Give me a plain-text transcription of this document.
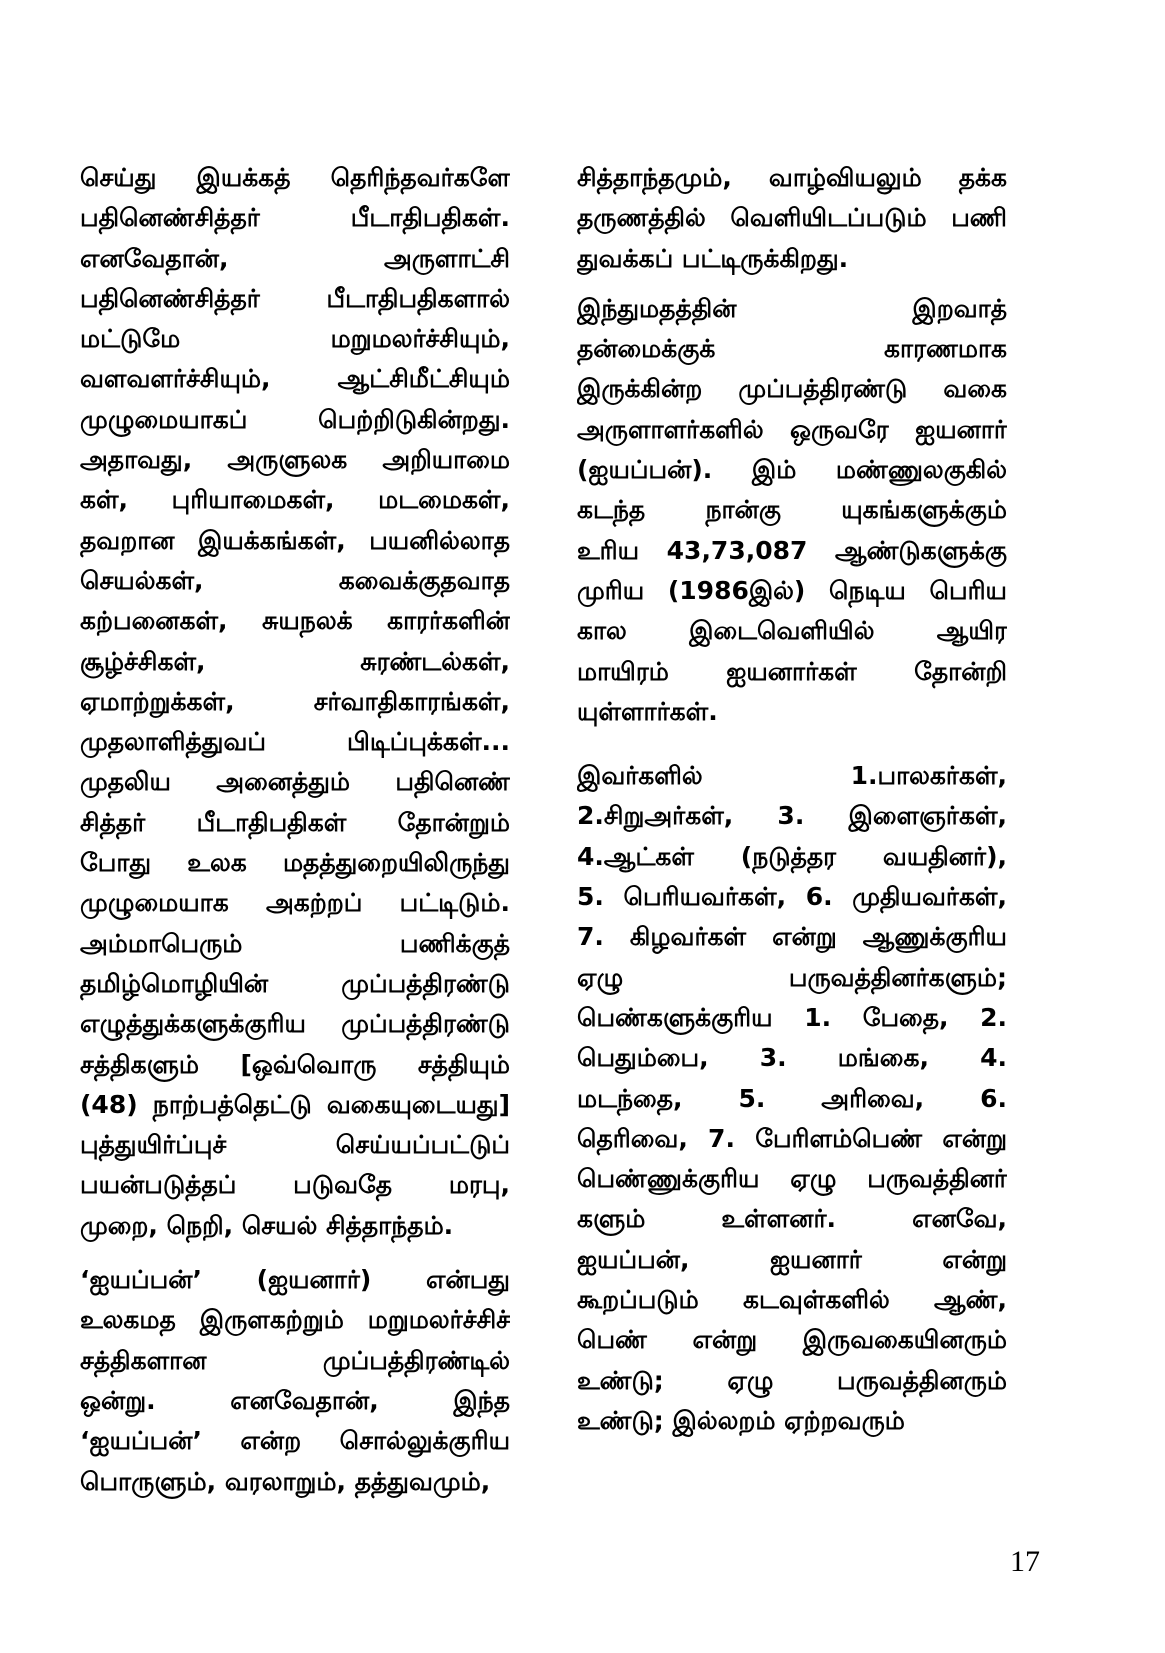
செய்து இயக்கத் தெரிந்தவர்களே
பதினெண்சித்தர் பீடாதிபதிகள்.
எனவேதான், அருளாட்சி
பதினெண்சித்தர் பீடாதிபதிகளால்
மட்டுமே மறுமலர்ச்சியும்,
வளவளர்ச்சியும், ஆட்சிமீட்சியும்
முழுமையாகப் பெற்றிடுகின்றது.
அதாவது, அருளுலக அறியாமை
கள், புரியாமைகள், மடமைகள்,
தவறான இயக்கங்கள், பயனில்லாத
செயல்கள், கவைக்குதவாத
கற்பனைகள், சுயநலக் காரர்களின்
சூழ்ச்சிகள், சுரண்டல்கள்,
ஏமாற்றுக்கள், சர்வாதிகாரங்கள்,
முதலாளித்துவப் பிடிப்புக்கள்...
முதலிய அனைத்தும் பதினெண்
சித்தர் பீடாதிபதிகள் தோன்றும்
போது உலக மதத்துறையிலிருந்து
முழுமையாக அகற்றப் பட்டிடும்.
அம்மாபெரும் பணிக்குத்
தமிழ்மொழியின் முப்பத்திரண்டு
எழுத்துக்களுக்குரிய முப்பத்திரண்டு
சத்திகளும் [ஒவ்வொரு சத்தியும்
(48) நாற்பத்தெட்டு வகையுடையது]
புத்துயிர்ப்புச் செய்யப்பட்டுப்
பயன்படுத்தப் படுவதே மரபு,
முறை, நெறி, செயல் சித்தாந்தம்.
‘ஐயப்பன்’ (ஐயனார்) என்பது
உலகமத இருளகற்றும் மறுமலர்ச்சிச்
சத்திகளான முப்பத்திரண்டில்
ஒன்று. எனவேதான், இந்த
‘ஐயப்பன்’ என்ற சொல்லுக்குரிய
பொருளும், வரலாறும், தத்துவமும்,
சித்தாந்தமும், வாழ்வியலும் தக்க
தருணத்தில் வெளியிடப்படும் பணி
துவக்கப் பட்டிருக்கிறது.
இந்துமதத்தின் இறவாத்
தன்மைக்குக் காரணமாக
இருக்கின்ற முப்பத்திரண்டு வகை
அருளாளர்களில் ஒருவரே ஐயனார்
(ஐயப்பன்). இம் மண்ணுலகுகில்
கடந்த நான்கு யுகங்களுக்கும்
உரிய 43,73,087 ஆண்டுகளுக்கு
முரிய (1986இல்) நெடிய பெரிய
கால இடைவெளியில் ஆயிர
மாயிரம் ஐயனார்கள் தோன்றி
யுள்ளார்கள்.
இவர்களில் 1.பாலகர்கள்,
2.சிறுஅர்கள், 3. இளைஞர்கள்,
4.ஆட்கள் (நடுத்தர வயதினர்),
5. பெரியவர்கள், 6. முதியவர்கள்,
7. கிழவர்கள் என்று ஆணுக்குரிய
ஏழு பருவத்தினர்களும்;
பெண்களுக்குரிய 1. பேதை, 2.
பெதும்பை, 3. மங்கை, 4.
மடந்தை, 5. அரிவை, 6.
தெரிவை, 7. பேரிளம்பெண் என்று
பெண்ணுக்குரிய ஏழு பருவத்தினர்
களும் உள்ளனர். எனவே,
ஐயப்பன், ஐயனார் என்று
கூறப்படும் கடவுள்களில் ஆண்,
பெண் என்று இருவகையினரும்
உண்டு; ஏழு பருவத்தினரும்
உண்டு; இல்லறம் ஏற்றவரும்
17
